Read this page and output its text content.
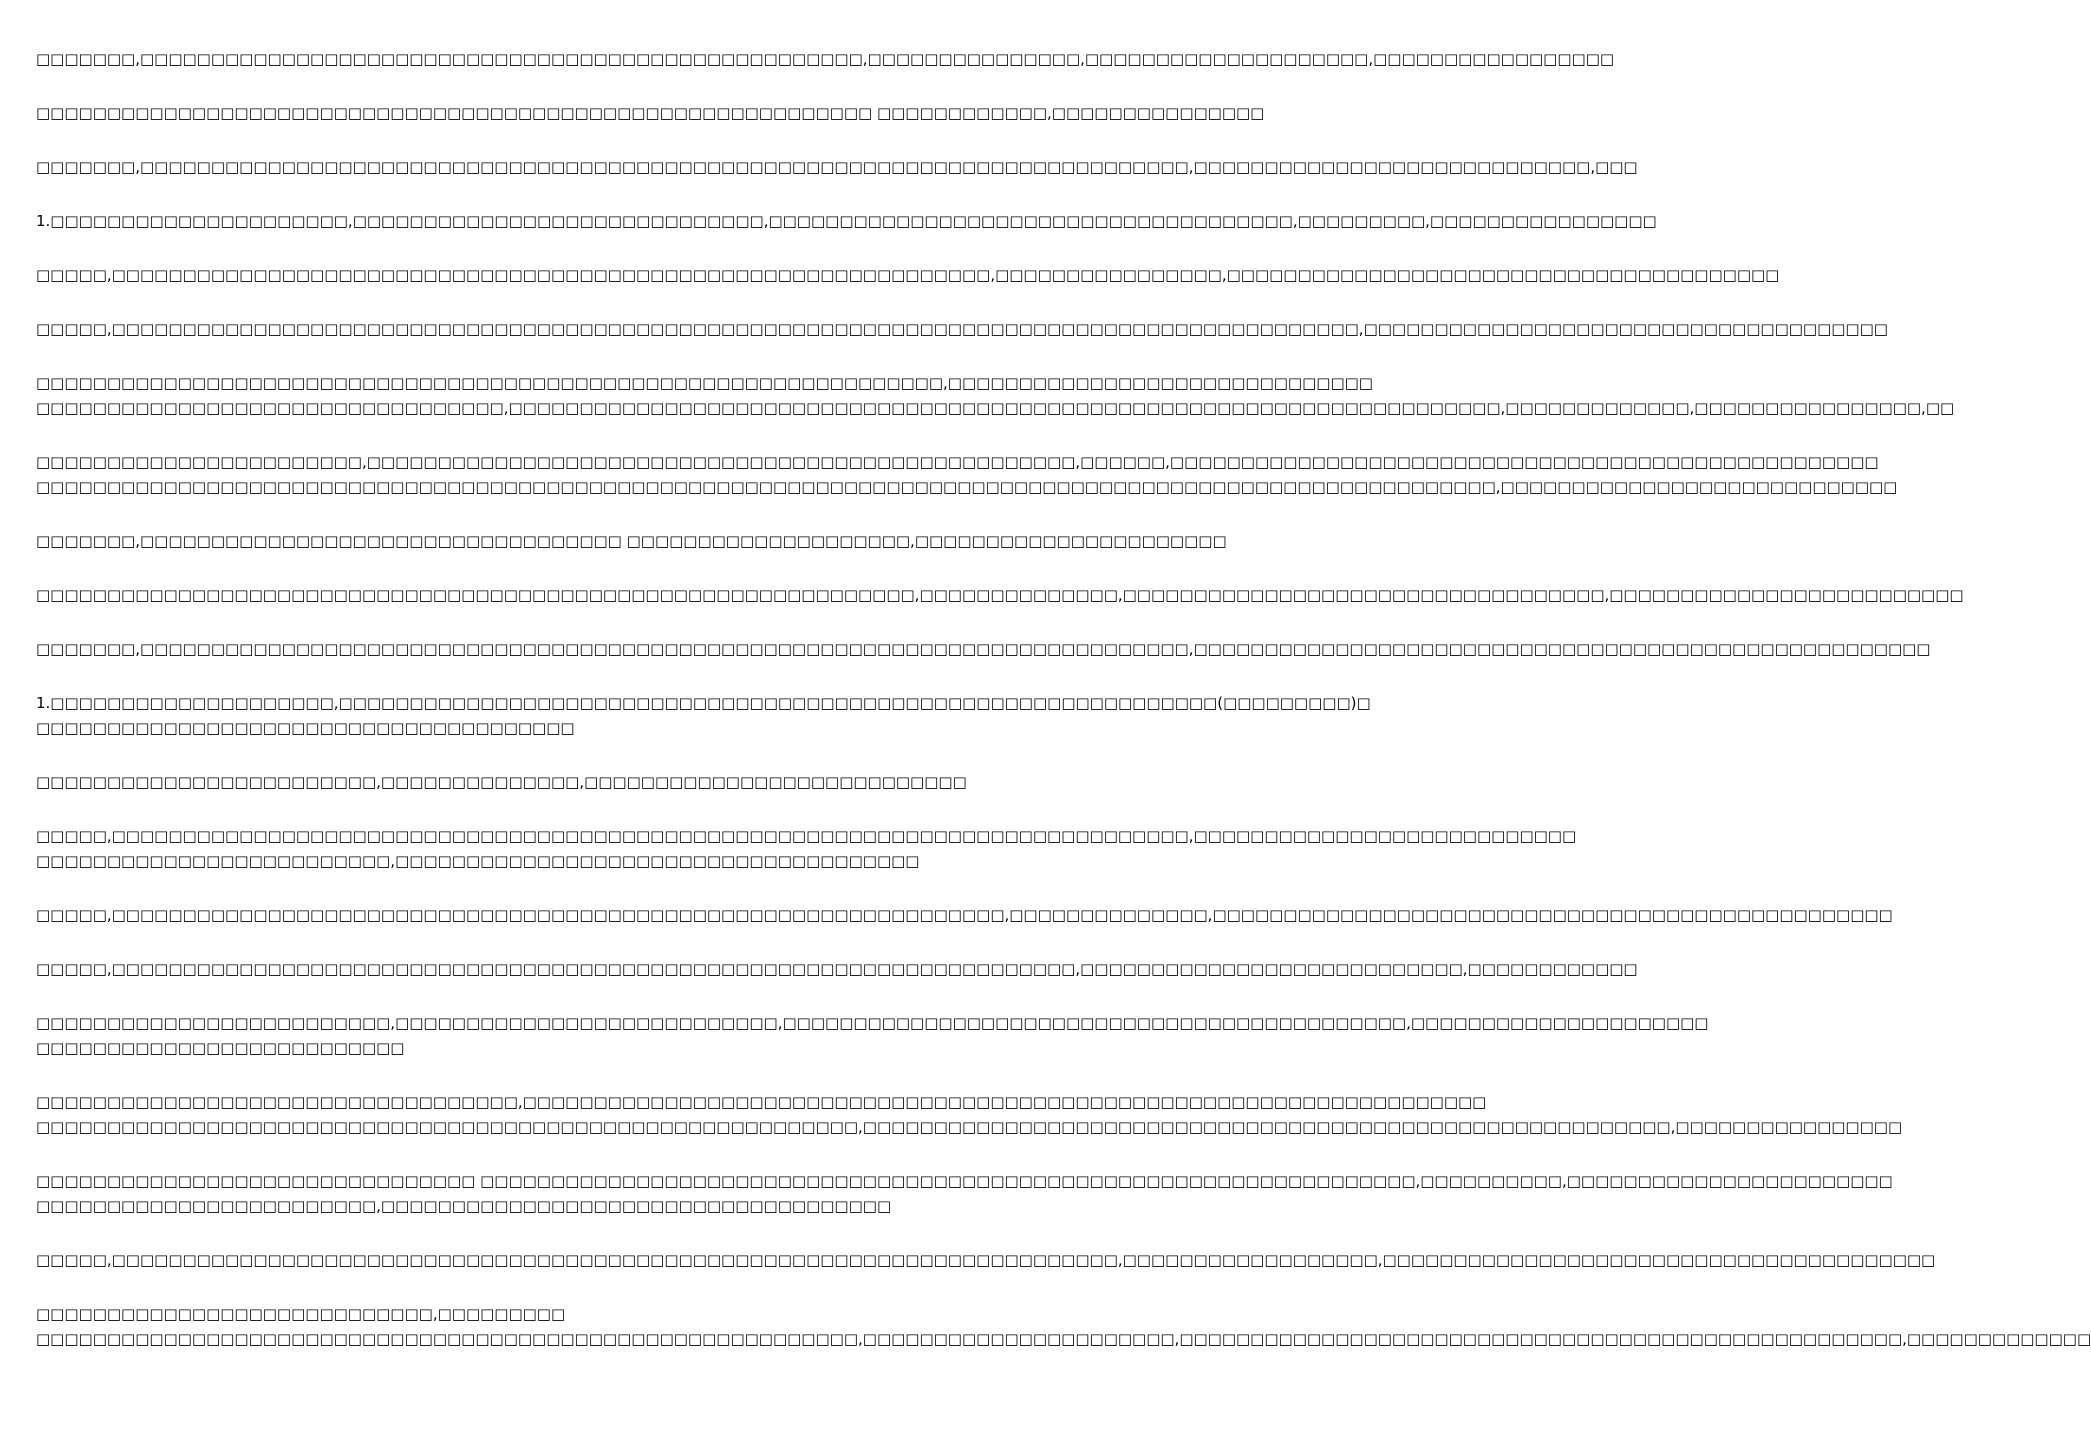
□□□□□□□,□□□□□□□□□□□□□□□□□□□□□□□□□□□□□□□□□□□□□□□□□□□□□□□□□□□,□□□□□□□□□□□□□□□,□□□□□□□□□□□□□□□□□□□□,□□□□□□□□□□□□□□□□□
□□□□□□□□□□□□□□□□□□□□□□□□□□□□□□□□□□□□□□□□□□□□□□□□□□□□□□□□□□□ □□□□□□□□□□□□,□□□□□□□□□□□□□□□
□□□□□□□,□□□□□□□□□□□□□□□□□□□□□□□□□□□□□□□□□□□□□□□□□□□□□□□□□□□□□□□□□□□□□□□□□□□□□□□□□□,□□□□□□□□□□□□□□□□□□□□□□□□□□□□,□□□
1.□□□□□□□□□□□□□□□□□□□□□,□□□□□□□□□□□□□□□□□□□□□□□□□□□□□,□□□□□□□□□□□□□□□□□□□□□□□□□□□□□□□□□□□□□,□□□□□□□□□,□□□□□□□□□□□□□□□□
□□□□□,□□□□□□□□□□□□□□□□□□□□□□□□□□□□□□□□□□□□□□□□□□□□□□□□□□□□□□□□□□□□□□,□□□□□□□□□□□□□□□□,□□□□□□□□□□□□□□□□□□□□□□□□□□□□□□□□□□□□□□□
□□□□□,□□□□□□□□□□□□□□□□□□□□□□□□□□□□□□□□□□□□□□□□□□□□□□□□□□□□□□□□□□□□□□□□□□□□□□□□□□□□□□□□□□□□□□□□,□□□□□□□□□□□□□□□□□□□□□□□□□□□□□□□□□□□□□
□□□□□□□□□□□□□□□□□□□□□□□□□□□□□□□□□□□□□□□□□□□□□□□□□□□□□□□□□□□□□□□□,□□□□□□□□□□□□□□□□□□□□□□□□□□□□□□
□□□□□□□□□□□□□□□□□□□□□□□□□□□□□□□□□,□□□□□□□□□□□□□□□□□□□□□□□□□□□□□□□□□□□□□□□□□□□□□□□□□□□□□□□□□□□□□□□□□□□□□□,□□□□□□□□□□□□□,□□□□□□□□□□□□□□□□,□□
□□□□□□□□□□□□□□□□□□□□□□□,□□□□□□□□□□□□□□□□□□□□□□□□□□□□□□□□□□□□□□□□□□□□□□□□□□,□□□□□□,□□□□□□□□□□□□□□□□□□□□□□□□□□□□□□□□□□□□□□□□□□□□□□□□□□
□□□□□□□□□□□□□□□□□□□□□□□□□□□□□□□□□□□□□□□□□□□□□□□□□□□□□□□□□□□□□□□□□□□□□□□□□□□□□□□□□□□□□□□□□□□□□□□□□□□□□□□,□□□□□□□□□□□□□□□□□□□□□□□□□□□□
□□□□□□□,□□□□□□□□□□□□□□□□□□□□□□□□□□□□□□□□□□ □□□□□□□□□□□□□□□□□□□□,□□□□□□□□□□□□□□□□□□□□□□
□□□□□□□□□□□□□□□□□□□□□□□□□□□□□□□□□□□□□□□□□□□□□□□□□□□□□□□□□□□□□□,□□□□□□□□□□□□□□,□□□□□□□□□□□□□□□□□□□□□□□□□□□□□□□□□□,□□□□□□□□□□□□□□□□□□□□□□□□□
□□□□□□□,□□□□□□□□□□□□□□□□□□□□□□□□□□□□□□□□□□□□□□□□□□□□□□□□□□□□□□□□□□□□□□□□□□□□□□□□□□,□□□□□□□□□□□□□□□□□□□□□□□□□□□□□□□□□□□□□□□□□□□□□□□□□□□□
1.□□□□□□□□□□□□□□□□□□□□,□□□□□□□□□□□□□□□□□□□□□□□□□□□□□□□□□□□□□□□□□□□□□□□□□□□□□□□□□□□□□□(□□□□□□□□□)□
□□□□□□□□□□□□□□□□□□□□□□□□□□□□□□□□□□□□□□
□□□□□□□□□□□□□□□□□□□□□□□□,□□□□□□□□□□□□□□,□□□□□□□□□□□□□□□□□□□□□□□□□□□
□□□□□,□□□□□□□□□□□□□□□□□□□□□□□□□□□□□□□□□□□□□□□□□□□□□□□□□□□□□□□□□□□□□□□□□□□□□□□□□□□□,□□□□□□□□□□□□□□□□□□□□□□□□□□□
□□□□□□□□□□□□□□□□□□□□□□□□□,□□□□□□□□□□□□□□□□□□□□□□□□□□□□□□□□□□□□□
□□□□□,□□□□□□□□□□□□□□□□□□□□□□□□□□□□□□□□□□□□□□□□□□□□□□□□□□□□□□□□□□□□□□□,□□□□□□□□□□□□□□,□□□□□□□□□□□□□□□□□□□□□□□□□□□□□□□□□□□□□□□□□□□□□□□□
□□□□□,□□□□□□□□□□□□□□□□□□□□□□□□□□□□□□□□□□□□□□□□□□□□□□□□□□□□□□□□□□□□□□□□□□□□,□□□□□□□□□□□□□□□□□□□□□□□□□□□,□□□□□□□□□□□□
□□□□□□□□□□□□□□□□□□□□□□□□□,□□□□□□□□□□□□□□□□□□□□□□□□□□□,□□□□□□□□□□□□□□□□□□□□□□□□□□□□□□□□□□□□□□□□□□□□,□□□□□□□□□□□□□□□□□□□□□
□□□□□□□□□□□□□□□□□□□□□□□□□□
□□□□□□□□□□□□□□□□□□□□□□□□□□□□□□□□□□,□□□□□□□□□□□□□□□□□□□□□□□□□□□□□□□□□□□□□□□□□□□□□□□□□□□□□□□□□□□□□□□□□□□□
□□□□□□□□□□□□□□□□□□□□□□□□□□□□□□□□□□□□□□□□□□□□□□□□□□□□□□□□□□,□□□□□□□□□□□□□□□□□□□□□□□□□□□□□□□□□□□□□□□□□□□□□□□□□□□□□□□□□,□□□□□□□□□□□□□□□□
□□□□□□□□□□□□□□□□□□□□□□□□□□□□□□□ □□□□□□□□□□□□□□□□□□□□□□□□□□□□□□□□□□□□□□□□□□□□□□□□□□□□□□□□□□□□□□□□□□,□□□□□□□□□□,□□□□□□□□□□□□□□□□□□□□□□□
□□□□□□□□□□□□□□□□□□□□□□□□,□□□□□□□□□□□□□□□□□□□□□□□□□□□□□□□□□□□□
□□□□□,□□□□□□□□□□□□□□□□□□□□□□□□□□□□□□□□□□□□□□□□□□□□□□□□□□□□□□□□□□□□□□□□□□□□□□□,□□□□□□□□□□□□□□□□□□,□□□□□□□□□□□□□□□□□□□□□□□□□□□□□□□□□□□□□□□
□□□□□□□□□□□□□□□□□□□□□□□□□□□□,□□□□□□□□□
□□□□□□□□□□□□□□□□□□□□□□□□□□□□□□□□□□□□□□□□□□□□□□□□□□□□□□□□□□,□□□□□□□□□□□□□□□□□□□□□□,□□□□□□□□□□□□□□□□□□□□□□□□□□□□□□□□□□□□□□□□□□□□□□□□□□□,□□□□□□□□□□□□□
